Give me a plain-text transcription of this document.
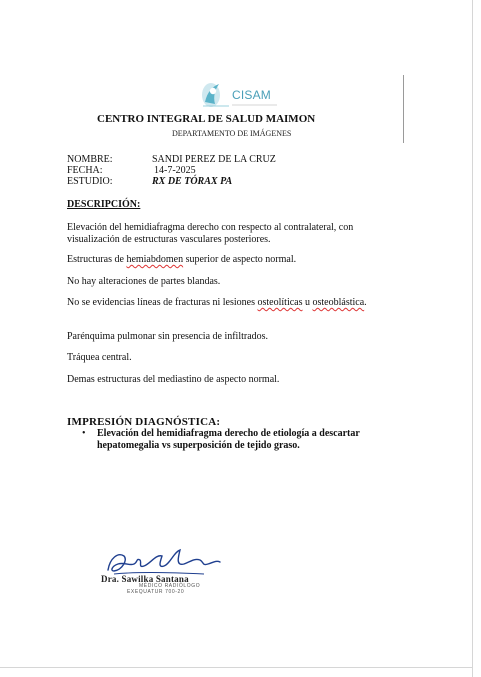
CISAM
CENTRO INTEGRAL DE SALUD MAIMON
DEPARTAMENTO DE IMÁGENES
NOMBRE:	SANDI PEREZ DE LA CRUZ
FECHA:	14-7-2025
ESTUDIO:	RX DE TÓRAX PA
DESCRIPCIÓN:
Elevación del hemidiafragma derecho con respecto al contralateral, con visualización de estructuras vasculares posteriores.
Estructuras de hemiabdomen superior de aspecto normal.
No hay alteraciones de partes blandas.
No se evidencias líneas de fracturas ni lesiones osteolíticas u osteoblástica.
Parénquima pulmonar sin presencia de infiltrados.
Tráquea central.
Demas estructuras del mediastino de aspecto normal.
IMPRESIÓN DIAGNÓSTICA:
• Elevación del hemidiafragma derecho de etiología a descartar hepatomegalia vs superposición de tejido graso.
Dra. Sawilka Santana
MÉDICO RADIÓLOGO
EXEQUATUR 700-20
